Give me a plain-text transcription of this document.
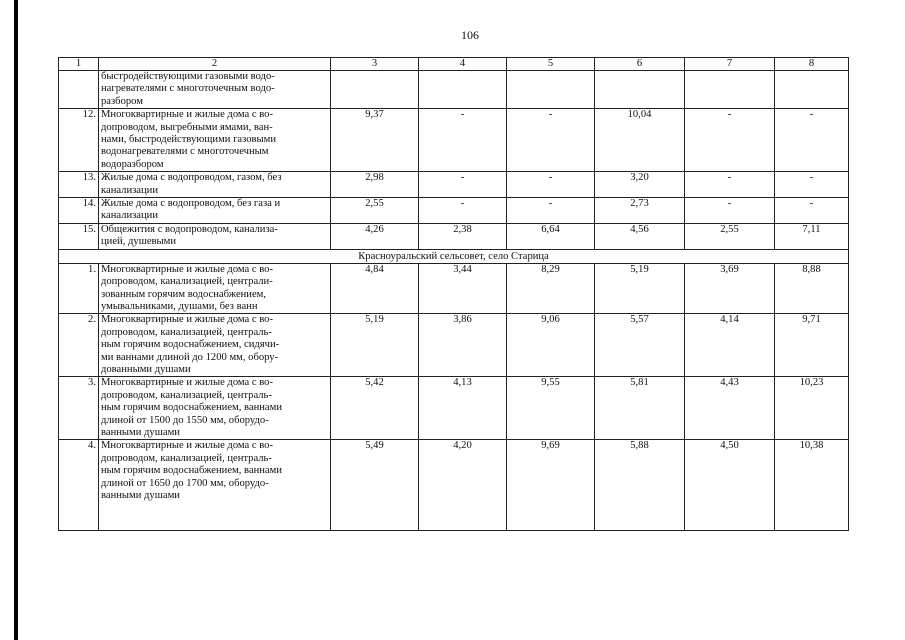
106
1	2	3	4	5	6	7	8

	быстродействующими газовыми водо-
нагревателями с многоточечным водо-
разбором						

12.	Многоквартирные и жилые дома с во-
допроводом, выгребными ямами, ван-
нами, быстродействующими газовыми
водонагревателями с многоточечным
водоразбором	9,37	-	-	10,04	-	-
13.	Жилые дома с водопроводом, газом, без
канализации	2,98	-	-	3,20	-	-
14.	Жилые дома с водопроводом, без газа и
канализации	2,55	-	-	2,73	-	-
15.	Общежития с водопроводом, канализа-
цией, душевыми	4,26	2,38	6,64	4,56	2,55	7,11
Красноуральский сельсовет, село Старица							
1.	Многоквартирные и жилые дома с во-
допроводом, канализацией, централи-
зованным горячим водоснабжением,
умывальниками, душами, без ванн	4,84	3,44	8,29	5,19	3,69	8,88
2.	Многоквартирные и жилые дома с во-
допроводом, канализацией, централь-
ным горячим водоснабжением, сидячи-
ми ваннами длиной до 1200 мм, обору-
дованными душами	5,19	3,86	9,06	5,57	4,14	9,71
3.	Многоквартирные и жилые дома с во-
допроводом, канализацией, централь-
ным горячим водоснабжением, ваннами
длиной от 1500 до 1550 мм, оборудо-
ванными душами	5,42	4,13	9,55	5,81	4,43	10,23
4.	Многоквартирные и жилые дома с во-
допроводом, канализацией, централь-
ным горячим водоснабжением, ваннами
длиной от 1650 до 1700 мм, оборудо-
ванными душами	5,49	4,20	9,69	5,88	4,50	10,38
